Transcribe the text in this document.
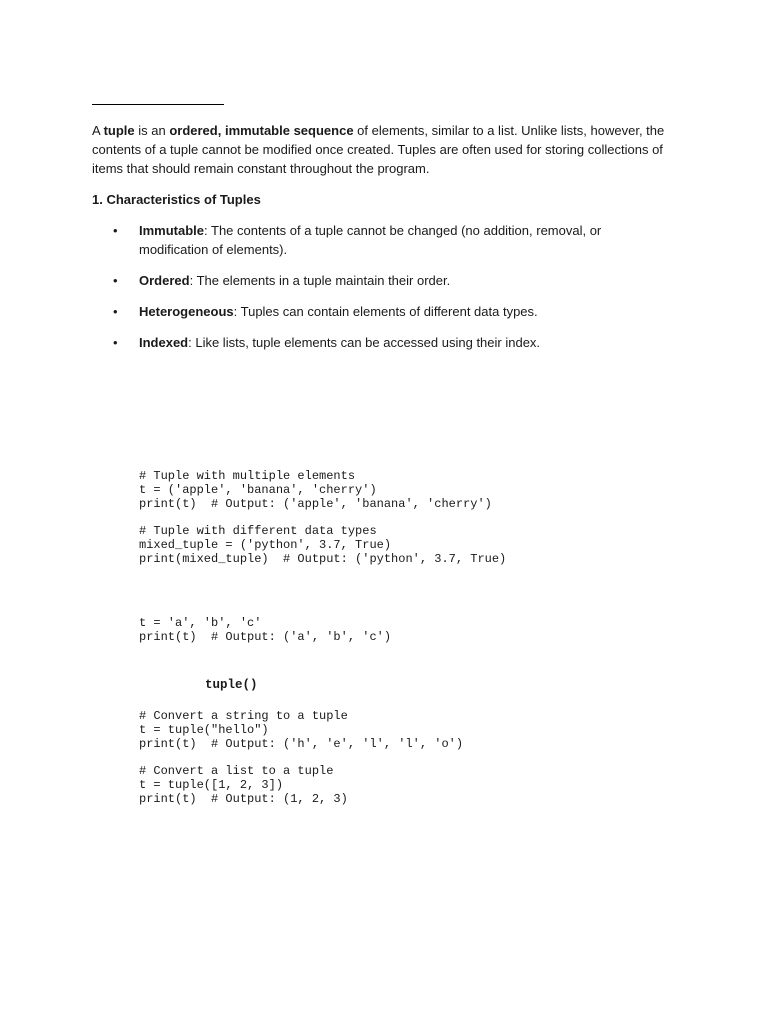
A tuple is an ordered, immutable sequence of elements, similar to a list. Unlike lists, however, the contents of a tuple cannot be modified once created. Tuples are often used for storing collections of items that should remain constant throughout the program.

1. Characteristics of Tuples

•	Immutable: The contents of a tuple cannot be changed (no addition, removal, or modification of elements).
•	Ordered: The elements in a tuple maintain their order.
•	Heterogeneous: Tuples can contain elements of different data types.
•	Indexed: Like lists, tuple elements can be accessed using their index.
# Tuple with multiple elements
t = ('apple', 'banana', 'cherry')
print(t)  # Output: ('apple', 'banana', 'cherry')

# Tuple with different data types
mixed_tuple = ('python', 3.7, True)
print(mixed_tuple)  # Output: ('python', 3.7, True)
t = 'a', 'b', 'c'
print(t)  # Output: ('a', 'b', 'c')

tuple()

# Convert a string to a tuple
t = tuple("hello")
print(t)  # Output: ('h', 'e', 'l', 'l', 'o')

# Convert a list to a tuple
t = tuple([1, 2, 3])
print(t)  # Output: (1, 2, 3)
